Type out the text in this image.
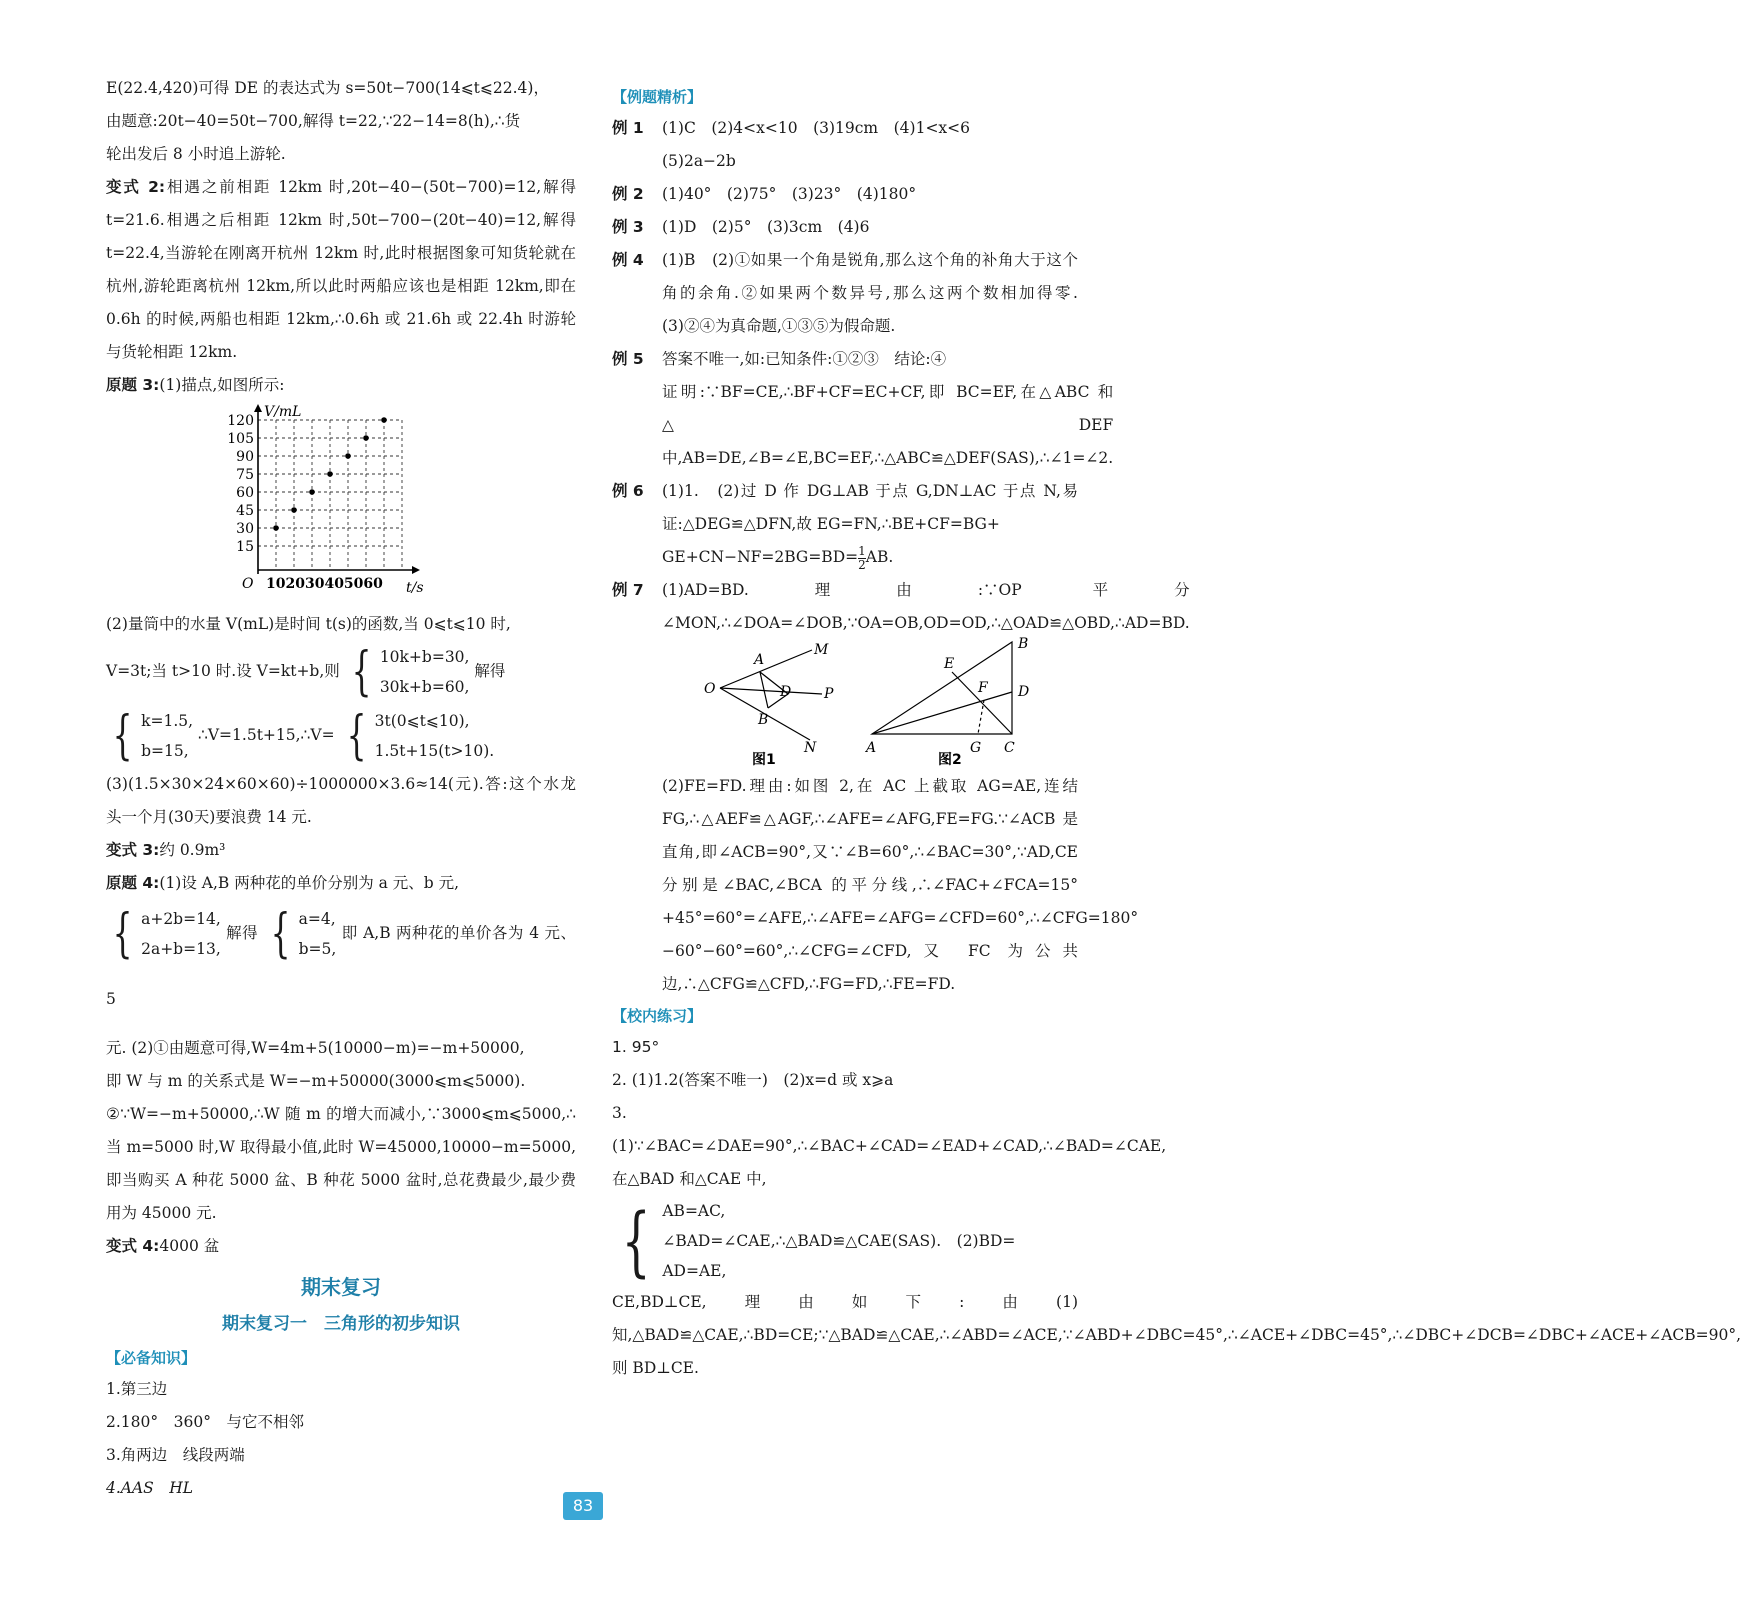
E(22.4,420)可得 DE 的表达式为 s=50t−700(14⩽t⩽22.4)，

由题意:20t−40=50t−700,解得 t=22,∵22−14=8(h),∴货

轮出发后 8 小时追上游轮.

变式 2:相遇之前相距 12km 时,20t−40−(50t−700)=12,解得 t=21.6.相遇之后相距 12km 时,50t−700−(20t−40)=12,解得 t=22.4,当游轮在刚离开杭州 12km 时,此时根据图象可知货轮就在杭州,游轮距离杭州 12km,所以此时两船应该也是相距 12km,即在 0.6h 的时候,两船也相距 12km,∴0.6h 或 21.6h 或 22.4h 时游轮与货轮相距 12km.

原题 3:(1)描点,如图所示:

V/mL
120
105
90
75
60
45
30
15
O 102030405060 t/s

(2)量筒中的水量 V(mL)是时间 t(s)的函数,当 0⩽t⩽10 时,

V=3t;当 t>10 时.设 V=kt+b,则 { 10k+b=30,
30k+b=60,
解得

{ k=1.5,
b=15,
∴V=1.5t+15,∴V= { 3t(0⩽t⩽10),
1.5t+15(t>10).

(3)(1.5×30×24×60×60)÷1000000×3.6≈14(元).答:这个水龙头一个月(30天)要浪费 14 元.

变式 3:约 0.9m³

原题 4:(1)设 A,B 两种花的单价分别为 a 元、b 元,

{ a+2b=14,
2a+b=13,
解得 { a=4,
b=5,
即 A,B 两种花的单价各为 4 元、5

元. (2)①由题意可得,W=4m+5(10000−m)=−m+50000,

即 W 与 m 的关系式是 W=−m+50000(3000⩽m⩽5000).

②∵W=−m+50000,∴W 随 m 的增大而减小,∵3000⩽m⩽5000,∴当 m=5000 时,W 取得最小值,此时 W=45000,10000−m=5000,即当购买 A 种花 5000 盆、B 种花 5000 盆时,总花费最少,最少费用为 45000 元.

变式 4:4000 盆

期末复习
期末复习一　三角形的初步知识
【必备知识】

1.第三边

2.180°　360°　与它不相邻

3.角两边　线段两端

4.AAS　HL

【例题精析】
例 1	(1)C　(2)4<x<10　(3)19cm　(4)1<x<6

(5)2a−2b

例 2	(1)40°　(2)75°　(3)23°　(4)180°
例 3	(1)D　(2)5°　(3)3cm　(4)6
例 4	(1)B　(2)①如果一个角是锐角,那么这个角的补角大于这个角的余角.②如果两个数异号,那么这两个数相加得零.　(3)②④为真命题,①③⑤为假命题.

例 5	答案不唯一,如:已知条件:①②③　结论:④

证明:∵BF=CE,∴BF+CF=EC+CF,即 BC=EF,在△ABC 和△DEF 中,AB=DE,∠B=∠E,BC=EF,∴△ABC≌△DEF(SAS),∴∠1=∠2.

例 6	(1)1.　(2)过 D 作 DG⊥AB 于点 G,DN⊥AC 于点 N,易证:△DEG≌△DFN,故 EG=FN,∴BE+CF=BG+

$GE+CN-NF=2BG=BD= \frac{1}{2}$ AB.

例 7	(1)AD=BD.理由:∵OP 平分∠MON,∴∠DOA=∠DOB,∵OA=OB,OD=OD,∴△OAD≌△OBD,∴AD=BD.

O
A
M
D P
B
N
图1
E
B
F D
A	G C
图2

(2)FE=FD.理由:如图 2,在 AC 上截取 AG=AE,连结 FG,∴△AEF≌△AGF,∴∠AFE=∠AFG,FE=FG.∵∠ACB 是直角,即∠ACB=90°,又∵∠B=60°,∴∠BAC=30°,∵AD,CE 分别是∠BAC,∠BCA 的平分线,∴∠FAC+∠FCA=15°+45°=60°=∠AFE,∴∠AFE=∠AFG=∠CFD=60°,∴∠CFG=180°−60°−60°=60°,∴∠CFG=∠CFD,又 FC 为公共边,∴△CFG≌△CFD,∴FG=FD,∴FE=FD.

【校内练习】

1. 95°

2. (1)1.2(答案不唯一)　(2)x=d 或 x⩾a

3. (1)∵∠BAC=∠DAE=90°,∴∠BAC+∠CAD=∠EAD+∠CAD,∴∠BAD=∠CAE,在△BAD 和△CAE 中,

{ AB=AC,
∠BAD=∠CAE,∴△BAD≌△CAE(SAS).　(2)BD=
AD=AE,

CE,BD⊥CE,理由如下:由(1)知,△BAD≌△CAE,∴BD=CE;∵△BAD≌△CAE,∴∠ABD=∠ACE,∵∠ABD+∠DBC=45°,∴∠ACE+∠DBC=45°,∴∠DBC+∠DCB=∠DBC+∠ACE+∠ACB=90°,则 BD⊥CE.

83
